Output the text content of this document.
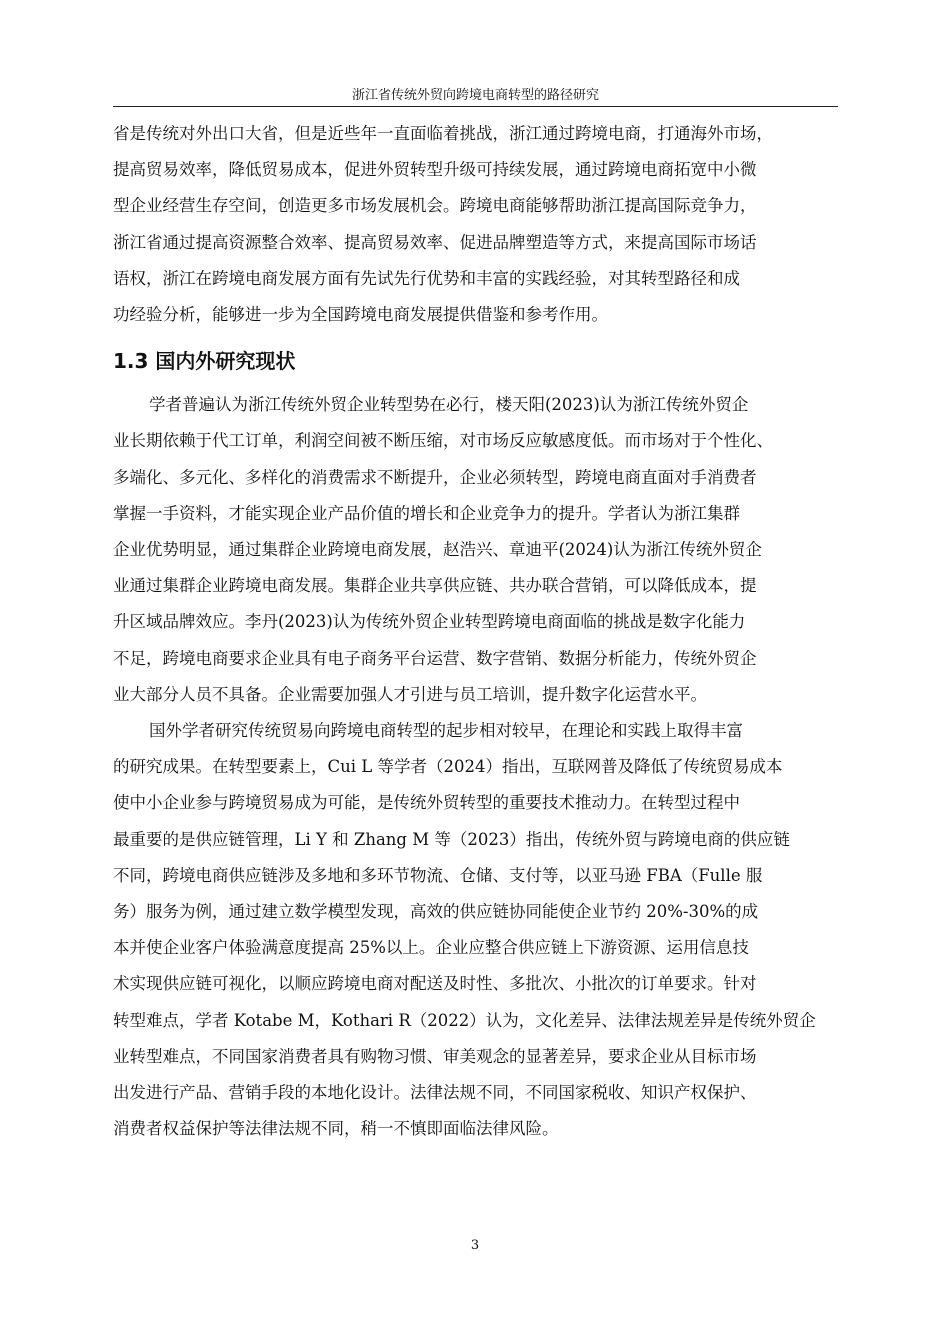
浙江省传统外贸向跨境电商转型的路径研究

省是传统对外出口大省，但是近些年一直面临着挑战，浙江通过跨境电商，打通海外市场，
提高贸易效率，降低贸易成本，促进外贸转型升级可持续发展，通过跨境电商拓宽中小微
型企业经营生存空间，创造更多市场发展机会。跨境电商能够帮助浙江提高国际竞争力，
浙江省通过提高资源整合效率、提高贸易效率、促进品牌塑造等方式，来提高国际市场话
语权，浙江在跨境电商发展方面有先试先行优势和丰富的实践经验，对其转型路径和成
功经验分析，能够进一步为全国跨境电商发展提供借鉴和参考作用。

1.3 国内外研究现状

学者普遍认为浙江传统外贸企业转型势在必行，楼天阳(2023)认为浙江传统外贸企
业长期依赖于代工订单，利润空间被不断压缩，对市场反应敏感度低。而市场对于个性化、
多端化、多元化、多样化的消费需求不断提升，企业必须转型，跨境电商直面对手消费者
掌握一手资料，才能实现企业产品价值的增长和企业竞争力的提升。学者认为浙江集群
企业优势明显，通过集群企业跨境电商发展，赵浩兴、章迪平(2024)认为浙江传统外贸企
业通过集群企业跨境电商发展。集群企业共享供应链、共办联合营销，可以降低成本，提
升区域品牌效应。李丹(2023)认为传统外贸企业转型跨境电商面临的挑战是数字化能力
不足，跨境电商要求企业具有电子商务平台运营、数字营销、数据分析能力，传统外贸企
业大部分人员不具备。企业需要加强人才引进与员工培训，提升数字化运营水平。

国外学者研究传统贸易向跨境电商转型的起步相对较早，在理论和实践上取得丰富
的研究成果。在转型要素上，Cui L 等学者（2024）指出，互联网普及降低了传统贸易成本
使中小企业参与跨境贸易成为可能，是传统外贸转型的重要技术推动力。在转型过程中
最重要的是供应链管理，Li Y 和 Zhang M 等（2023）指出，传统外贸与跨境电商的供应链
不同，跨境电商供应链涉及多地和多环节物流、仓储、支付等，以亚马逊 FBA（Fulle 服
务）服务为例，通过建立数学模型发现，高效的供应链协同能使企业节约 20%-30%的成
本并使企业客户体验满意度提高 25%以上。企业应整合供应链上下游资源、运用信息技
术实现供应链可视化，以顺应跨境电商对配送及时性、多批次、小批次的订单要求。针对
转型难点，学者 Kotabe M，Kothari R（2022）认为，文化差异、法律法规差异是传统外贸企
业转型难点，不同国家消费者具有购物习惯、审美观念的显著差异，要求企业从目标市场
出发进行产品、营销手段的本地化设计。法律法规不同，不同国家税收、知识产权保护、
消费者权益保护等法律法规不同，稍一不慎即面临法律风险。

3
